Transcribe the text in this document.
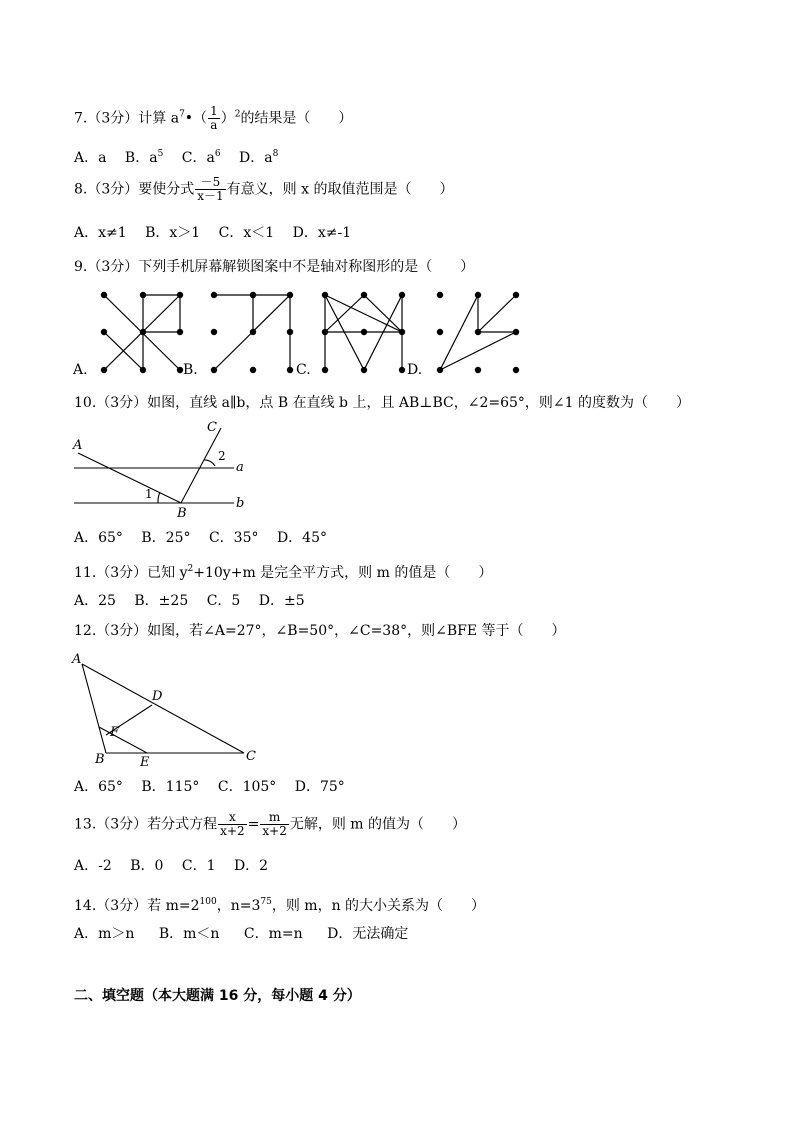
7.（3分）计算 $a^7•( \frac{1}{a} )^2$的结果是（　　）
A．a B．$a^5$ C．$a^6$ D．$a^8$
8.（3分）要使分式 $\frac{-5}{x-1}$ 有意义，则 x 的取值范围是（　　）
A．x≠1 B．x＞1 C．x＜1 D．x≠-1
9.（3分）下列手机屏幕解锁图案中不是轴对称图形的是（　　）
A.	B.	C.	D.
10.（3分）如图，直线 a∥b，点 B 在直线 b 上，且 AB⊥BC，∠2=65°，则∠1 的度数为（　　）
A
C
B
a
b
1
2
A．65° B．25° C．35° D．45°
11.（3分）已知 $y^2+10y+m$ 是完全平方式，则 m 的值是（　　）
A．25 B．±25 C．5 D．±5
12.（3分）如图，若∠A=27°，∠B=50°，∠C=38°，则∠BFE 等于（　　）
A
D
F
B	E	C
A．65° B．115° C．105° D．75°
13.（3分）若分式方程 $\frac{x}{x+2} = \frac{m}{x+2}$ 无解，则 m 的值为（　　）
A．-2 B．0 C．1 D．2
14.（3分）若 $m=2^{100}$，$n=3^{75}$，则 m，n 的大小关系为（　　）
A．m＞n B．m＜n C．m=n D．无法确定
二、填空题（本大题满 16 分，每小题 4 分）
